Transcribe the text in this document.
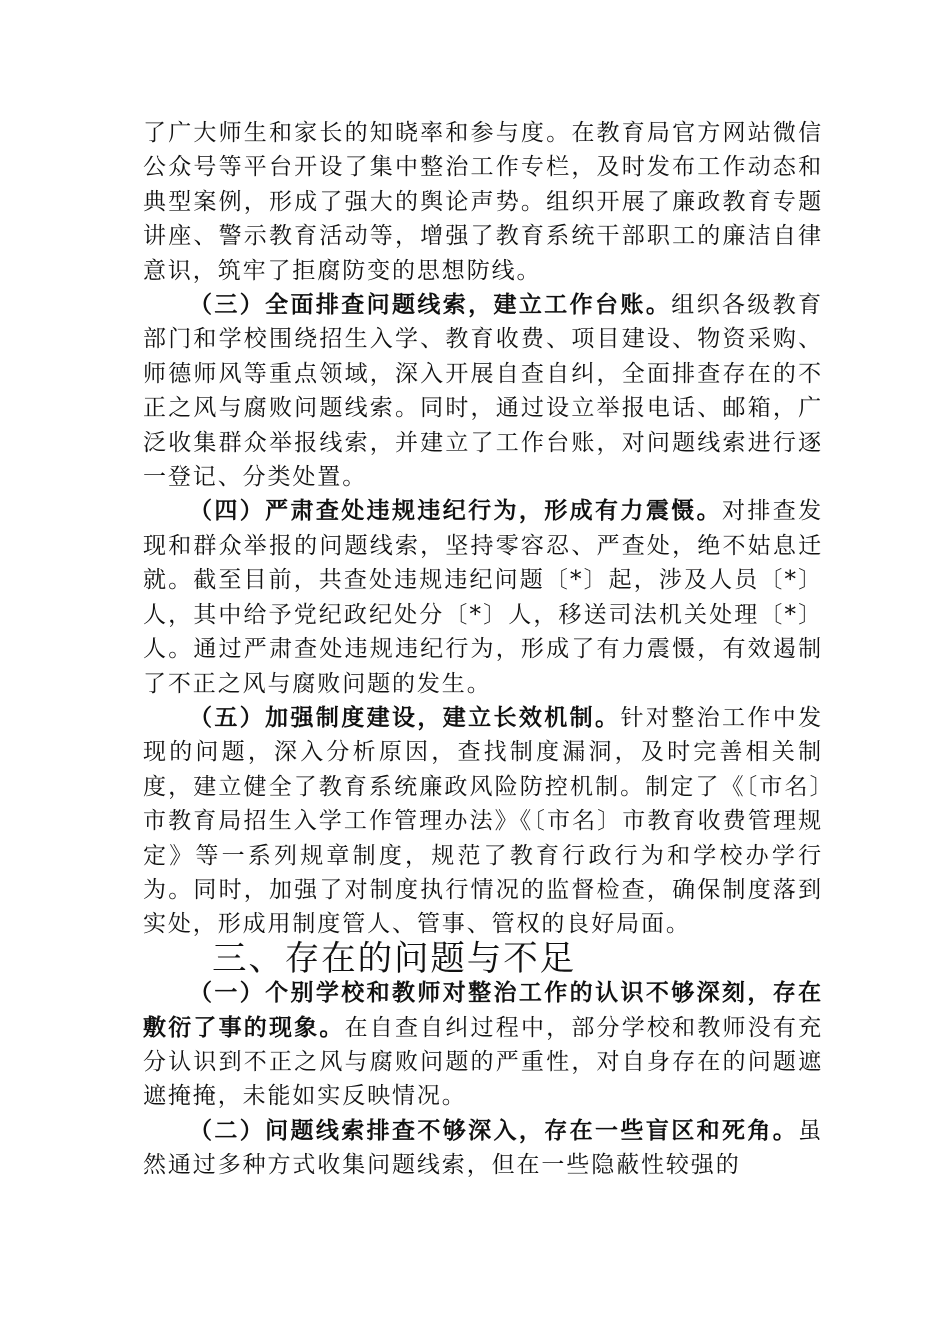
了广大师生和家长的知晓率和参与度。在教育局官方网站微信公众号等平台开设了集中整治工作专栏，及时发布工作动态和典型案例，形成了强大的舆论声势。组织开展了廉政教育专题讲座、警示教育活动等，增强了教育系统干部职工的廉洁自律意识，筑牢了拒腐防变的思想防线。

（三）全面排查问题线索，建立工作台账。组织各级教育部门和学校围绕招生入学、教育收费、项目建设、物资采购、师德师风等重点领域，深入开展自查自纠，全面排查存在的不正之风与腐败问题线索。同时，通过设立举报电话、邮箱，广泛收集群众举报线索，并建立了工作台账，对问题线索进行逐一登记、分类处置。

（四）严肃查处违规违纪行为，形成有力震慑。对排查发现和群众举报的问题线索，坚持零容忍、严查处，绝不姑息迁就。截至目前，共查处违规违纪问题〔*〕起，涉及人员〔*〕人，其中给予党纪政纪处分〔*〕人，移送司法机关处理〔*〕人。通过严肃查处违规违纪行为，形成了有力震慑，有效遏制了不正之风与腐败问题的发生。

（五）加强制度建设，建立长效机制。针对整治工作中发现的问题，深入分析原因，查找制度漏洞，及时完善相关制度，建立健全了教育系统廉政风险防控机制。制定了《〔市名〕市教育局招生入学工作管理办法》《〔市名〕市教育收费管理规定》等一系列规章制度，规范了教育行政行为和学校办学行为。同时，加强了对制度执行情况的监督检查，确保制度落到实处，形成用制度管人、管事、管权的良好局面。

三、存在的问题与不足

（一）个别学校和教师对整治工作的认识不够深刻，存在敷衍了事的现象。在自查自纠过程中，部分学校和教师没有充分认识到不正之风与腐败问题的严重性，对自身存在的问题遮遮掩掩，未能如实反映情况。

（二）问题线索排查不够深入，存在一些盲区和死角。虽然通过多种方式收集问题线索，但在一些隐蔽性较强的
